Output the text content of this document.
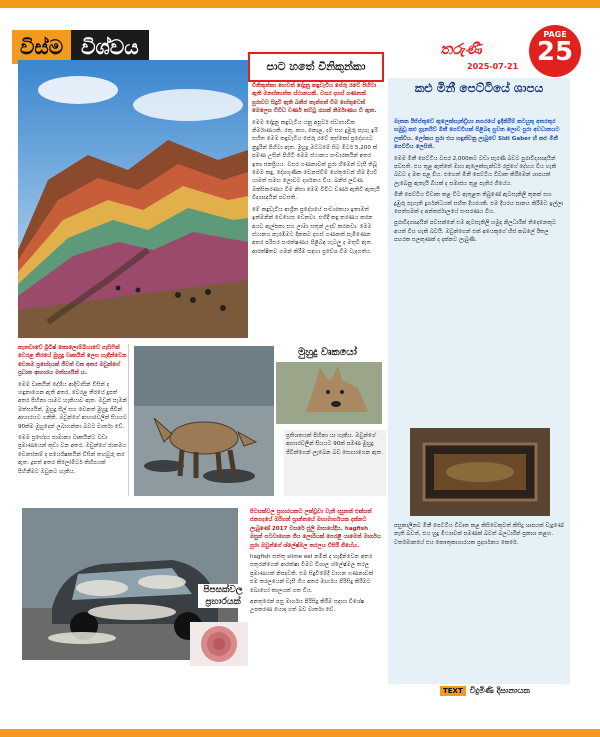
විස්ම විශ්වය	තරුණී
2025-07-21
PAGE
25
පාට හතේ විනිකුන්කා

විනිකුන්කා හෙවත් දේදුනු කඳුවැටිය පේරු රටේ පිහිටා ඇති මනස්කාන්ත ස්ථානයකි. වසර දහස් ගණනක් පුරාවට සිදුවී ඇති ඛනිජ තැන්පත් වීම හේතුවෙන් මෙලෙස විවිධ වර්ණ තට්ටු රැසක් නිර්මාණය වී ඇත.

මෙම දේදුනු කඳුවැටිය යනු අපූර්ව ස්වාභාවික නිර්මාණයකි. රතු, කහ, කොළ, දම් සහ දුඹුරු පැහැ ඉරි සහිත මෙම කඳුවැටිය පේරු රටේ කුස්කෝ ප්‍රදේශයට නුදුරින් පිහිටා ඇත. මුහුදු මට්ටමේ සිට මීටර් 5,200 ක් පමණ උසින් පිහිටි මෙම ස්ථානය සංචාරකයින් අතර ඉතා ජනප්‍රියය. වසර ගණනාවක් පුරා හිමෙන් වැසී තිබූ මෙම කඳු, දේශගුණික වෙනස්වීම් හේතුවෙන් හිම දියවී යාමත් සමඟ ලොවට දර්ශනය විය. ඛනිජ ලවණ ඔක්සිකරණය වීම නිසා මෙම විවිධ වර්ණ ඇතිවී ඇතැයි විද්‍යාඥයින් පවසති.

මේ කඳුවැටිය ආශ්‍රිත ප්‍රදේශයේ සංචාරකයා ඉතාමත් ඉක්මනින් වෙහෙස වෙනවා. එහිදී කඳු තරණය කරන අයට ඇල්පකා සහ ලාමා සතුන් උදව් කරනවා. මෙම ස්ථානය නැරඹීමට දිනකට දහස් ගණනක් පැමිණෙන අතර පරිසර සංරක්ෂණය පිළිබඳ ගැටලු ද මතුවී ඇත. ආරක්ෂිතව ගමන් කිරීම සඳහා ප්‍රවේශ වීම වැදගත්ය.

කළු මිනී පෙට්ටියේ ශාපය

මෑතක ඊජිප්තුවේ ඇලෙක්සැන්ඩ්‍රියා නගරයේ ඉදිකිරීම් කටයුතු අතරතුර හමුවූ කළු ග්‍රැනයිට් මිනී පෙට්ටියක් පිළිබඳ පුවත ලොව පුරා අවධානයට ලක්විය. ලෝකය පුරා එය හඳුන්වනු ලැබුවේ Sidi Gaber හි කළු මිනී පෙට්ටිය ලෙසිනි.

මෙම මිනී පෙට්ටිය වසර 2,000කට වඩා පැරණි බවට පුරාවිද්‍යාඥයින් පවසති. එය තුළ ඇත්තේ මහා ඇලෙක්සැන්ඩර් රජුගේ දේහය විය හැකි බවට ද මත පළ විය. එහෙත් මිනී පෙට්ටිය විවෘත කිරීමෙන් ශාපයක් ලැබෙනු ඇතැයි බියක් ද සමාජය තුළ පැතිර ගියේය.

මිනී පෙට්ටිය විවෘත කළ විට ඇතුළත තිබුණේ ඇටසැකිලි තුනක් සහ දුඹුරු පැහැති දුර්ගන්ධයක් සහිත දියරයකි. එම දියරය පානය කිරීමට ඉල්ලා පෙත්සමක් ද අන්තර්ජාලයේ සංසරණය විය.

පුරාවිද්‍යාඥයින් පවසන්නේ එම ඇටසැකිලි හමුදා නිලධාරීන් තිදෙනෙකුට අයත් විය හැකි බවයි. ඔවුන්ගෙන් එක් අයෙකුගේ හිස් කබලේ ඊතල පහරක සලකුණක් ද දක්නට ලැබුණි.

පසුකාලීනව මිනී පෙට්ටිය විවෘත කළ කිසිවෙකුටත් කිසිදු ශාපයක් වැදුණේ නැති බවත්, එය හුදු මිථ්‍යාවක් පමණක් බවත් බලධාරීන් ප්‍රකාශ කළහ. වර්තමානයේ එය කෞතුකාගාරයක ප්‍රදර්ශනය කෙරේ.

කැනඩාවේ බ්‍රිටිෂ් කොලොම්බියාවේ පැසිෆික් වෙරළ තීරයේ මුහුදු වෘකයින් ලෙස හැඳින්වෙන වෙනම ප්‍රභේදයක් ජීවත් වන අතර ඔවුන්ගේ ප්‍රධාන ආහාරය මත්ස්‍යයින් ය.

මෙම වෘකයින් දේශීය ආදිවාසීන් විසින් ද හඳුනාගෙන ඇති අතර, වෙරළ තීරයේ දූපත් අතර පිහිනා යාමට හැකියාව ඇත. ඔවුන් සැමන් මත්ස්‍යයින්, මුහුදු සීල් සහ වෙනත් මුහුදු ජීවීන් ආහාරයට ගනිති. ඔවුන්ගේ ආහාරවලින් සියයට 90ක්ම මුහුදෙන් ලබාගන්නා බවට වාර්තා වේ.

මෙම ප්‍රභේදය සාමාන්‍ය වෘකයින්ට වඩා ප්‍රමාණයෙන් කුඩා වන අතර, ඔවුන්ගේ ජානමය වෙනස්කම් ද පර්යේෂකයින් විසින් තහවුරු කර ඇත. දූපත් අතර කිලෝමීටර් කිහිපයක් පිහිනීමට ඔවුනට හැකිය.

මුහුදු වෘකයෝ
ප්‍රතිශතයක් පිහිනා යා හැකිය. ඔවුන්ගේ ආහාරවලින් සියයට 90ක් පමණ මුහුදු ජීවීන්ගෙන් ලැබෙන බව සොයාගෙන ඇත.
පිපසක්වල
ප්‍රහාරයක්

පිටසක්වල ප්‍රහාරයකට ලක්වූවා වැනි දසුනක් එක්සත් ජනපදයේ ඔරිගන් ප්‍රාන්තයේ මහාමාර්ගයක දක්නට ලැබුණේ 2017 වසරේ ජූලි මාසයේදීය. hagfish මසුන් පටවාගෙන ගිය ලොරියක් පෙරළී යාමෙන් මාර්ගය පුරා ඔවුන්ගේ ශ්ලේෂ්මල තරලය විසිරී ගියේය.

hagfish සත්තු slime eel නමින් ද හැඳින්වෙන අතර සතුරන්ගෙන් ආරක්ෂා වීමට විශාල ශ්ලේෂ්මල තරල ප්‍රමාණයක් නිපදවති. එම සිදුවීමේදී වාහන ගණනාවක් එම තරලයෙන් වැසී ගිය අතර මාර්ගය පිරිසිදු කිරීමට බොහෝ කාලයක් ගත විය.

අනතුරෙන් පසු මාර්ගය පිරිසිදු කිරීම සඳහා විශේෂ උපකරණ යොදා ගත් බව වාර්තා වේ.

TEXT විදුමිණි දිසානායක
